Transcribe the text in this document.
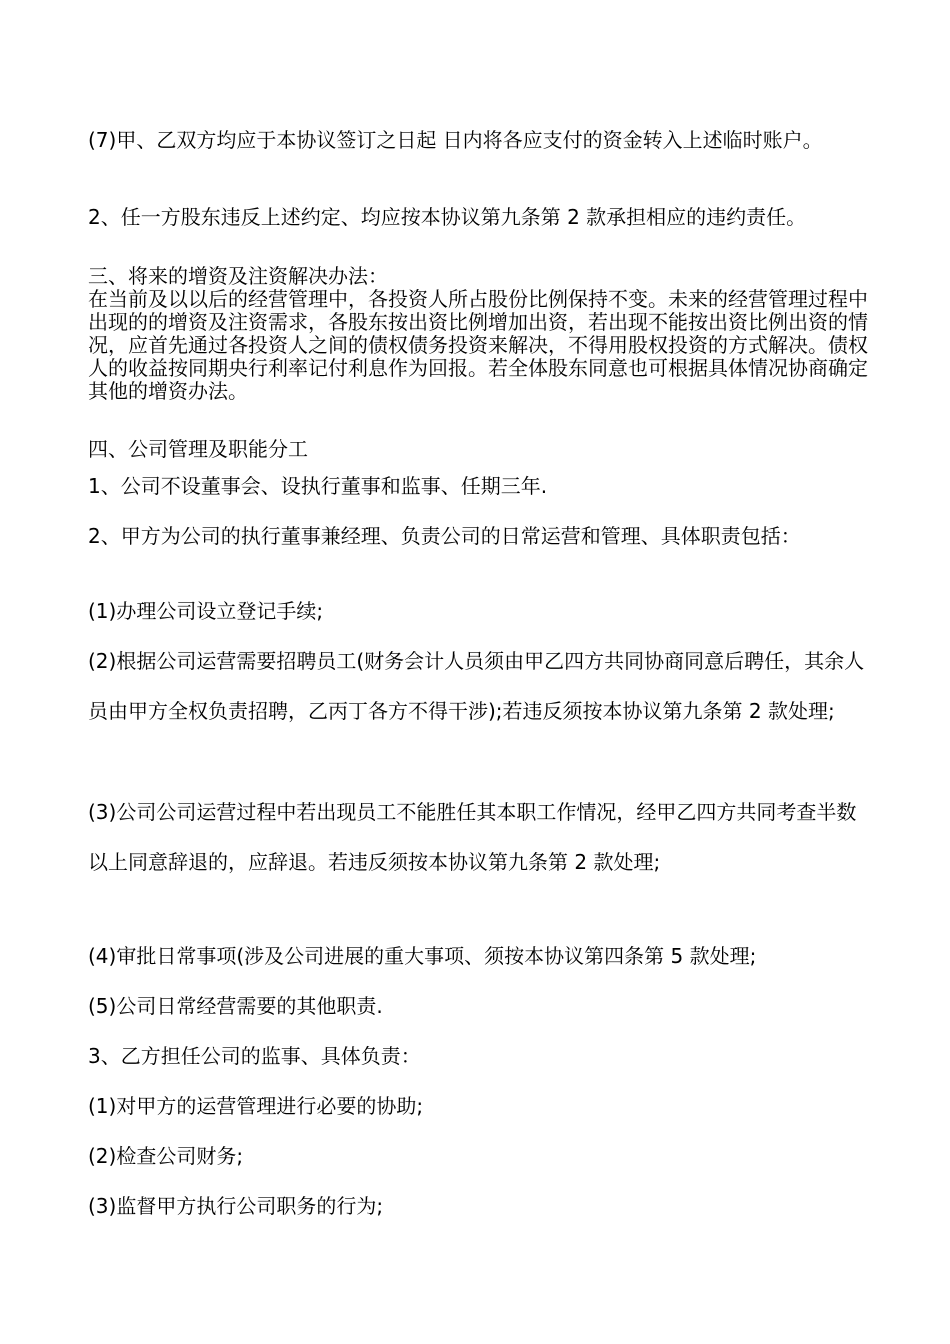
(7)甲、乙双方均应于本协议签订之日起 日内将各应支付的资金转入上述临时账户。

2、任一方股东违反上述约定、均应按本协议第九条第 2 款承担相应的违约责任。

三、将来的增资及注资解决办法：

在当前及以以后的经营管理中，各投资人所占股份比例保持不变。未来的经营管理过程中出现的的增资及注资需求，各股东按出资比例增加出资，若出现不能按出资比例出资的情况，应首先通过各投资人之间的债权债务投资来解决，不得用股权投资的方式解决。债权人的收益按同期央行利率记付利息作为回报。若全体股东同意也可根据具体情况协商确定其他的增资办法。

四、公司管理及职能分工

1、公司不设董事会、设执行董事和监事、任期三年.

2、甲方为公司的执行董事兼经理、负责公司的日常运营和管理、具体职责包括：

(1)办理公司设立登记手续;

(2)根据公司运营需要招聘员工(财务会计人员须由甲乙四方共同协商同意后聘任，其余人员由甲方全权负责招聘，乙丙丁各方不得干涉);若违反须按本协议第九条第 2 款处理;

(3)公司公司运营过程中若出现员工不能胜任其本职工作情况，经甲乙四方共同考查半数以上同意辞退的，应辞退。若违反须按本协议第九条第 2 款处理;

(4)审批日常事项(涉及公司进展的重大事项、须按本协议第四条第 5 款处理;

(5)公司日常经营需要的其他职责.

3、乙方担任公司的监事、具体负责：

(1)对甲方的运营管理进行必要的协助;

(2)检查公司财务;

(3)监督甲方执行公司职务的行为;
